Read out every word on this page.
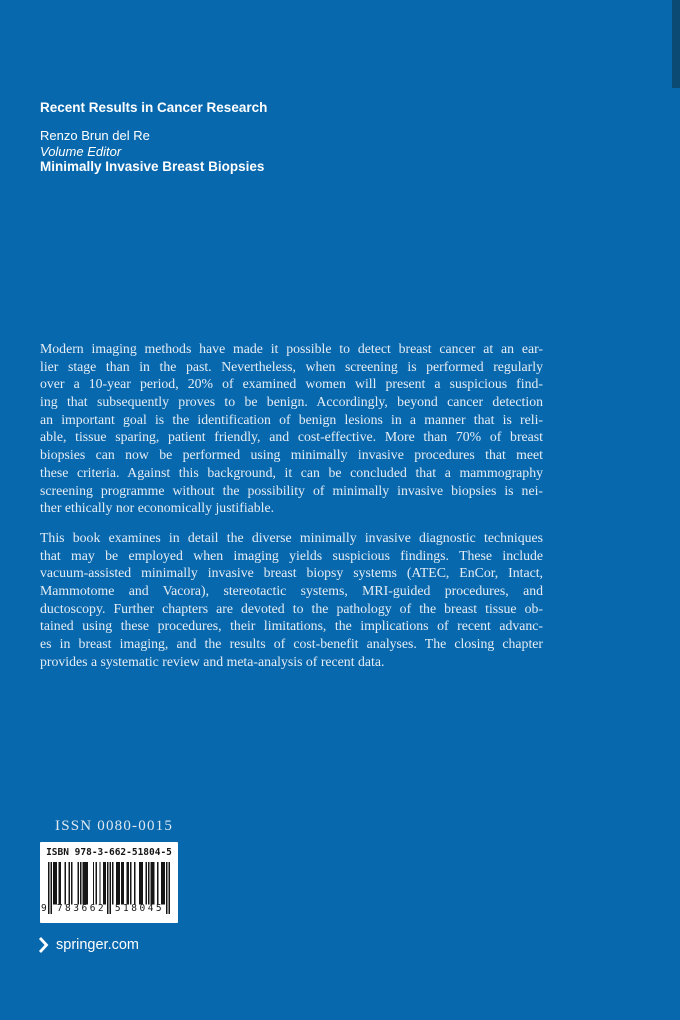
Recent Results in Cancer Research
Renzo Brun del Re
Volume Editor
Minimally Invasive Breast Biopsies
Modern imaging methods have made it possible to detect breast cancer at an ear-
lier stage than in the past. Nevertheless, when screening is performed regularly
over a 10-year period, 20% of examined women will present a suspicious find-
ing that subsequently proves to be benign. Accordingly, beyond cancer detection
an important goal is the identification of benign lesions in a manner that is reli-
able, tissue sparing, patient friendly, and cost-effective. More than 70% of breast
biopsies can now be performed using minimally invasive procedures that meet
these criteria. Against this background, it can be concluded that a mammography
screening programme without the possibility of minimally invasive biopsies is nei-
ther ethically nor economically justifiable.
This book examines in detail the diverse minimally invasive diagnostic techniques
that may be employed when imaging yields suspicious findings. These include
vacuum-assisted minimally invasive breast biopsy systems (ATEC, EnCor, Intact,
Mammotome and Vacora), stereotactic systems, MRI-guided procedures, and
ductoscopy. Further chapters are devoted to the pathology of the breast tissue ob-
tained using these procedures, their limitations, the implications of recent advanc-
es in breast imaging, and the results of cost-benefit analyses. The closing chapter
provides a systematic review and meta-analysis of recent data.
ISSN 0080-0015
ISBN 978-3-662-51804-5
9 783662 518045
springer.com
